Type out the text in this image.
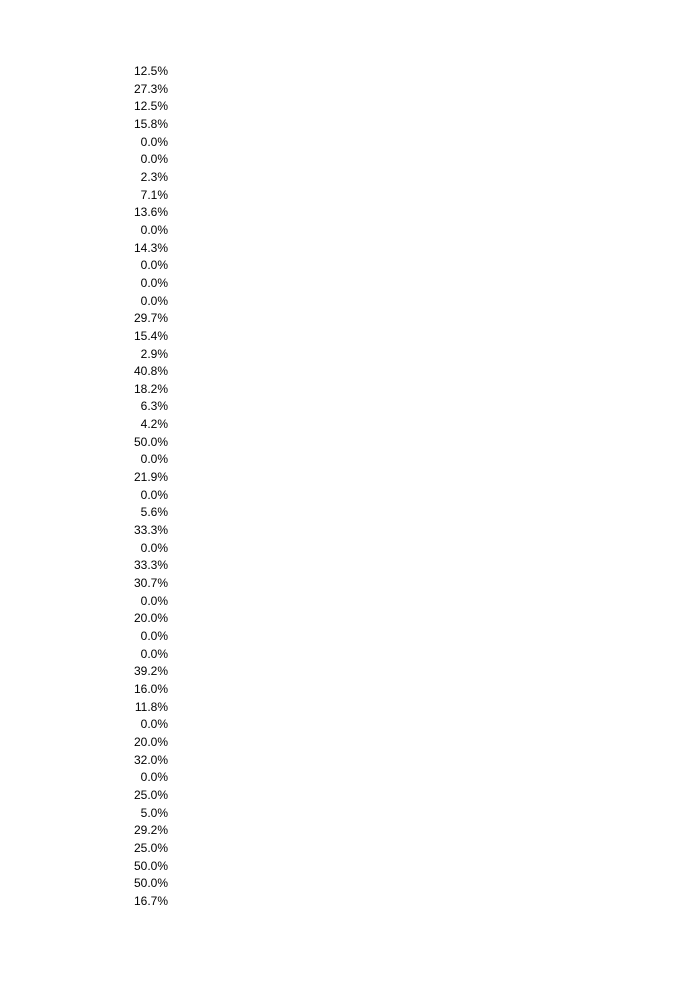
12.5%
27.3%
12.5%
15.8%
0.0%
0.0%
2.3%
7.1%
13.6%
0.0%
14.3%
0.0%
0.0%
0.0%
29.7%
15.4%
2.9%
40.8%
18.2%
6.3%
4.2%
50.0%
0.0%
21.9%
0.0%
5.6%
33.3%
0.0%
33.3%
30.7%
0.0%
20.0%
0.0%
0.0%
39.2%
16.0%
11.8%
0.0%
20.0%
32.0%
0.0%
25.0%
5.0%
29.2%
25.0%
50.0%
50.0%
16.7%
